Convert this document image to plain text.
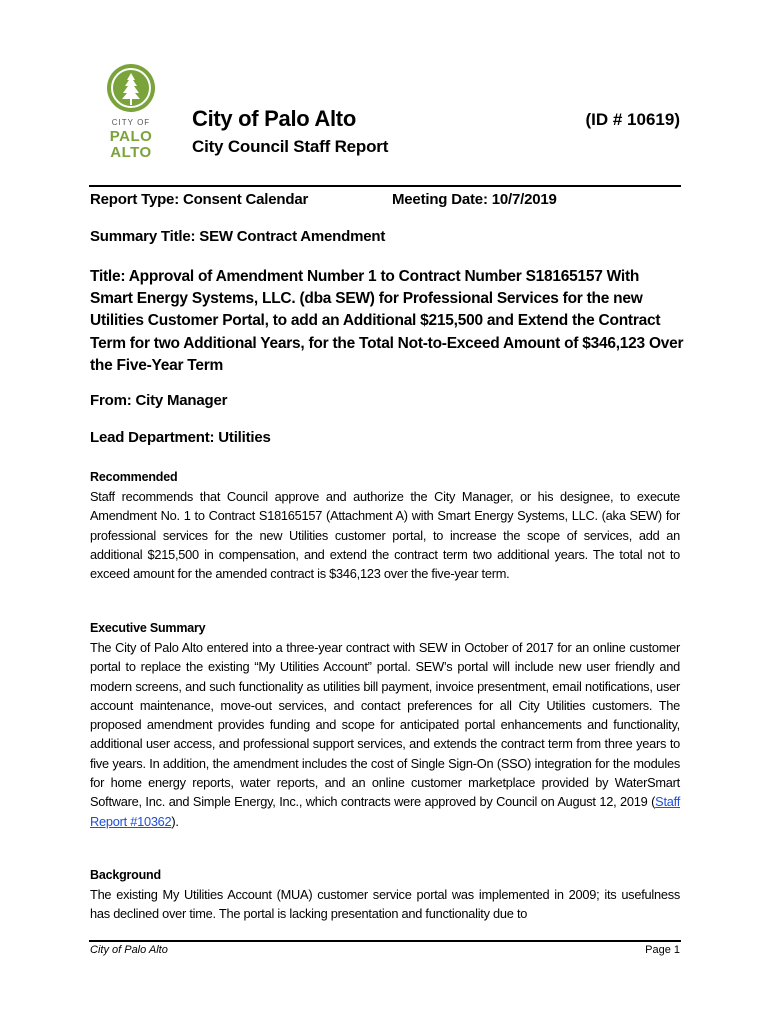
CITY OF
PALO
ALTO
City of Palo Alto	(ID # 10619)
City Council Staff Report
Report Type: Consent Calendar	Meeting Date: 10/7/2019
Summary Title: SEW Contract Amendment
Title: Approval of Amendment Number 1 to Contract Number S18165157 With Smart Energy Systems, LLC. (dba SEW) for Professional Services for the new Utilities Customer Portal, to add an Additional $215,500 and Extend the Contract Term for two Additional Years, for the Total Not-to-Exceed Amount of $346,123 Over the Five-Year Term
From: City Manager
Lead Department: Utilities
Recommended

Staff recommends that Council approve and authorize the City Manager, or his designee, to execute Amendment No. 1 to Contract S18165157 (Attachment A) with Smart Energy Systems, LLC. (aka SEW) for professional services for the new Utilities customer portal, to increase the scope of services, add an additional $215,500 in compensation, and extend the contract term two additional years. The total not to exceed amount for the amended contract is $346,123 over the five-year term.

Executive Summary

The City of Palo Alto entered into a three-year contract with SEW in October of 2017 for an online customer portal to replace the existing “My Utilities Account” portal. SEW’s portal will include new user friendly and modern screens, and such functionality as utilities bill payment, invoice presentment, email notifications, user account maintenance, move-out services, and contact preferences for all City Utilities customers. The proposed amendment provides funding and scope for anticipated portal enhancements and functionality, additional user access, and professional support services, and extends the contract term from three years to five years. In addition, the amendment includes the cost of Single Sign-On (SSO) integration for the modules for home energy reports, water reports, and an online customer marketplace provided by WaterSmart Software, Inc. and Simple Energy, Inc., which contracts were approved by Council on August 12, 2019 (Staff Report #10362).

Background

The existing My Utilities Account (MUA) customer service portal was implemented in 2009; its usefulness has declined over time. The portal is lacking presentation and functionality due to

City of Palo Alto	Page 1
